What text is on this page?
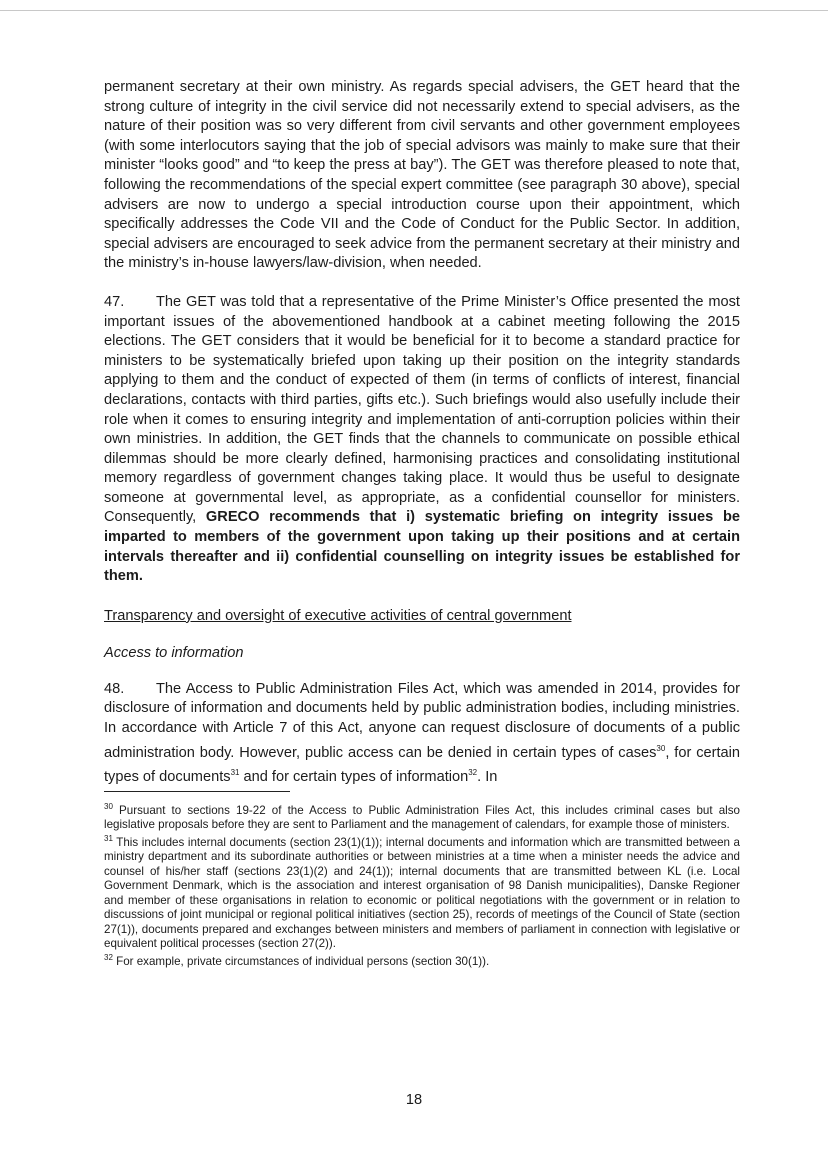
permanent secretary at their own ministry. As regards special advisers, the GET heard that the strong culture of integrity in the civil service did not necessarily extend to special advisers, as the nature of their position was so very different from civil servants and other government employees (with some interlocutors saying that the job of special advisors was mainly to make sure that their minister “looks good” and “to keep the press at bay”). The GET was therefore pleased to note that, following the recommendations of the special expert committee (see paragraph 30 above), special advisers are now to undergo a special introduction course upon their appointment, which specifically addresses the Code VII and the Code of Conduct for the Public Sector. In addition, special advisers are encouraged to seek advice from the permanent secretary at their ministry and the ministry’s in-house lawyers/law-division, when needed.

47. The GET was told that a representative of the Prime Minister’s Office presented the most important issues of the abovementioned handbook at a cabinet meeting following the 2015 elections. The GET considers that it would be beneficial for it to become a standard practice for ministers to be systematically briefed upon taking up their position on the integrity standards applying to them and the conduct of expected of them (in terms of conflicts of interest, financial declarations, contacts with third parties, gifts etc.). Such briefings would also usefully include their role when it comes to ensuring integrity and implementation of anti-corruption policies within their own ministries. In addition, the GET finds that the channels to communicate on possible ethical dilemmas should be more clearly defined, harmonising practices and consolidating institutional memory regardless of government changes taking place. It would thus be useful to designate someone at governmental level, as appropriate, as a confidential counsellor for ministers. Consequently, GRECO recommends that i) systematic briefing on integrity issues be imparted to members of the government upon taking up their positions and at certain intervals thereafter and ii) confidential counselling on integrity issues be established for them.

Transparency and oversight of executive activities of central government

Access to information

48. The Access to Public Administration Files Act, which was amended in 2014, provides for disclosure of information and documents held by public administration bodies, including ministries. In accordance with Article 7 of this Act, anyone can request disclosure of documents of a public administration body. However, public access can be denied in certain types of cases$^{30}$, for certain types of documents$^{31}$ and for certain types of information$^{32}$. In

$^{30}$ Pursuant to sections 19-22 of the Access to Public Administration Files Act, this includes criminal cases but also legislative proposals before they are sent to Parliament and the management of calendars, for example those of ministers.

$^{31}$ This includes internal documents (section 23(1)(1)); internal documents and information which are transmitted between a ministry department and its subordinate authorities or between ministries at a time when a minister needs the advice and counsel of his/her staff (sections 23(1)(2) and 24(1)); internal documents that are transmitted between KL (i.e. Local Government Denmark, which is the association and interest organisation of 98 Danish municipalities), Danske Regioner and member of these organisations in relation to economic or political negotiations with the government or in relation to discussions of joint municipal or regional political initiatives (section 25), records of meetings of the Council of State (section 27(1)), documents prepared and exchanges between ministers and members of parliament in connection with legislative or equivalent political processes (section 27(2)).

$^{32}$ For example, private circumstances of individual persons (section 30(1)).

18
